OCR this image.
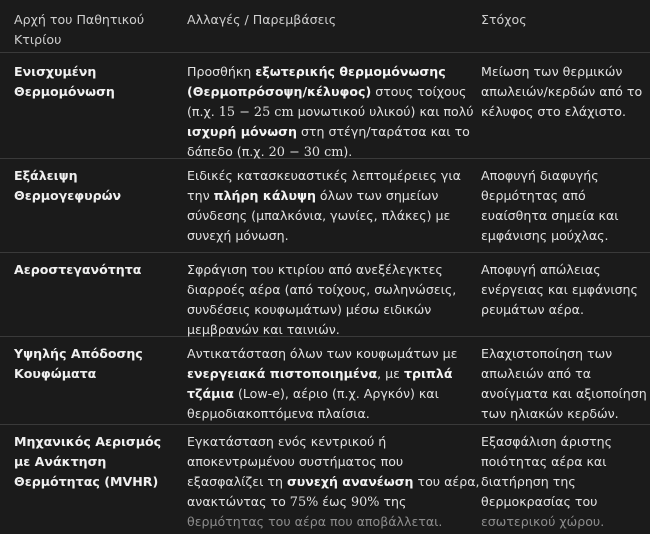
Αρχή του Παθητικού
Κτιρίου
Αλλαγές / Παρεμβάσεις	Στόχος
Ενισχυμένη
Θερμομόνωση
Προσθήκη εξωτερικής θερμομόνωσης
(Θερμοπρόσοψη/κέλυφος) στους τοίχους
(π.χ. 15 − 25 cm μονωτικού υλικού) και πολύ
ισχυρή μόνωση στη στέγη/ταράτσα και το
δάπεδο (π.χ. 20 − 30 cm).
Μείωση των θερμικών
απωλειών/κερδών από το
κέλυφος στο ελάχιστο.
Εξάλειψη
Θερμογεφυρών
Ειδικές κατασκευαστικές λεπτομέρειες για
την πλήρη κάλυψη όλων των σημείων
σύνδεσης (μπαλκόνια, γωνίες, πλάκες) με
συνεχή μόνωση.
Αποφυγή διαφυγής
θερμότητας από
ευαίσθητα σημεία και
εμφάνισης μούχλας.
Αεροστεγανότητα	Σφράγιση του κτιρίου από ανεξέλεγκτες
διαρροές αέρα (από τοίχους, σωληνώσεις,
συνδέσεις κουφωμάτων) μέσω ειδικών
μεμβρανών και ταινιών.
Αποφυγή απώλειας
ενέργειας και εμφάνισης
ρευμάτων αέρα.
Υψηλής Απόδοσης
Κουφώματα
Αντικατάσταση όλων των κουφωμάτων με
ενεργειακά πιστοποιημένα, με τριπλά
τζάμια (Low-e), αέριο (π.χ. Αργκόν) και
θερμοδιακοπτόμενα πλαίσια.
Ελαχιστοποίηση των
απωλειών από τα
ανοίγματα και αξιοποίηση
των ηλιακών κερδών.
Μηχανικός Αερισμός
με Ανάκτηση
Θερμότητας (MVHR)
Εγκατάσταση ενός κεντρικού ή
αποκεντρωμένου συστήματος που
εξασφαλίζει τη συνεχή ανανέωση του αέρα,
ανακτώντας το 75% έως 90% της
θερμότητας του αέρα που αποβάλλεται.
Εξασφάλιση άριστης
ποιότητας αέρα και
διατήρηση της
θερμοκρασίας του
εσωτερικού χώρου.
